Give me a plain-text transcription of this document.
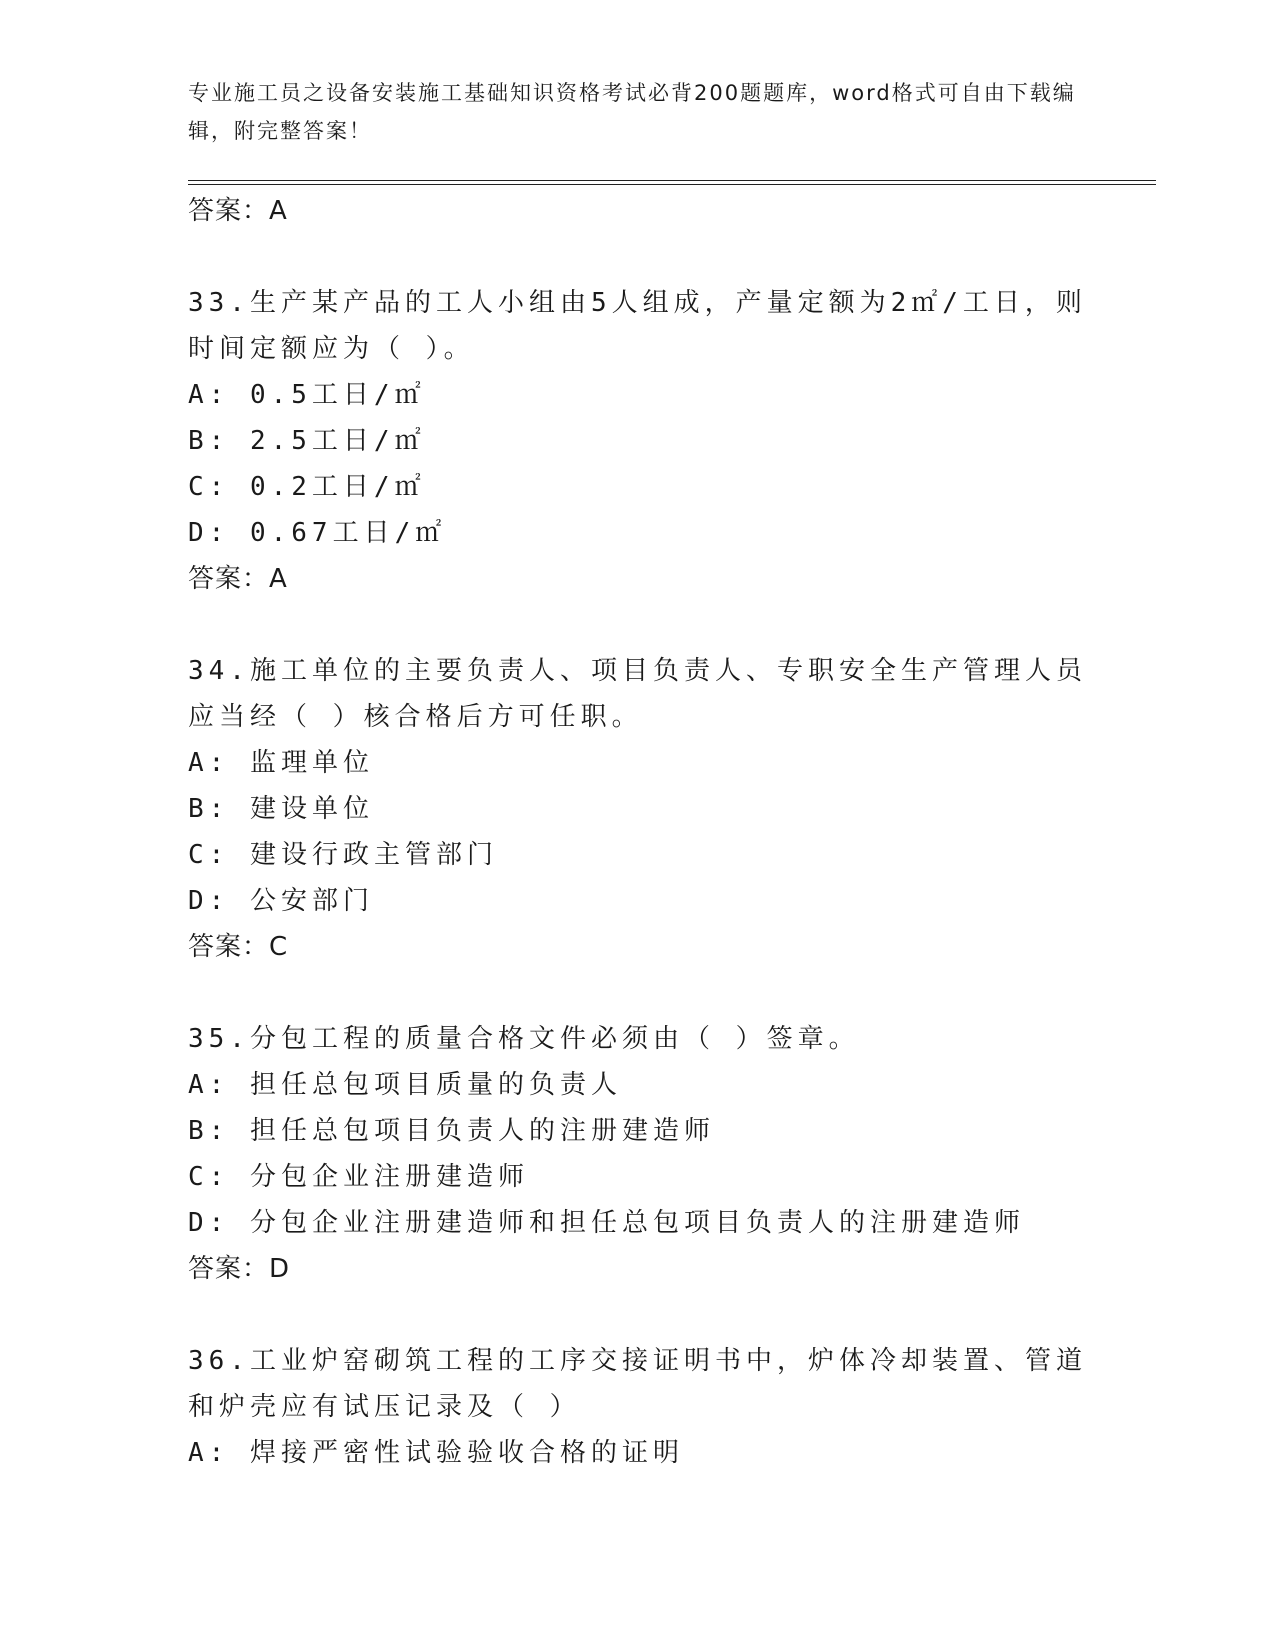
专业施工员之设备安装施工基础知识资格考试必背200题题库，word格式可自由下载编辑，附完整答案！
答案：A
33.生产某产品的工人小组由5人组成，产量定额为2㎡/工日，则时间定额应为（ ）。
A: 0.5工日/㎡
B: 2.5工日/㎡
C: 0.2工日/㎡
D: 0.67工日/㎡
答案：A
34.施工单位的主要负责人、项目负责人、专职安全生产管理人员应当经（ ）核合格后方可任职。
A: 监理单位
B: 建设单位
C: 建设行政主管部门
D: 公安部门
答案：C
35.分包工程的质量合格文件必须由（ ）签章。
A: 担任总包项目质量的负责人
B: 担任总包项目负责人的注册建造师
C: 分包企业注册建造师
D: 分包企业注册建造师和担任总包项目负责人的注册建造师
答案：D
36.工业炉窑砌筑工程的工序交接证明书中，炉体冷却装置、管道和炉壳应有试压记录及（ ）
A: 焊接严密性试验验收合格的证明
